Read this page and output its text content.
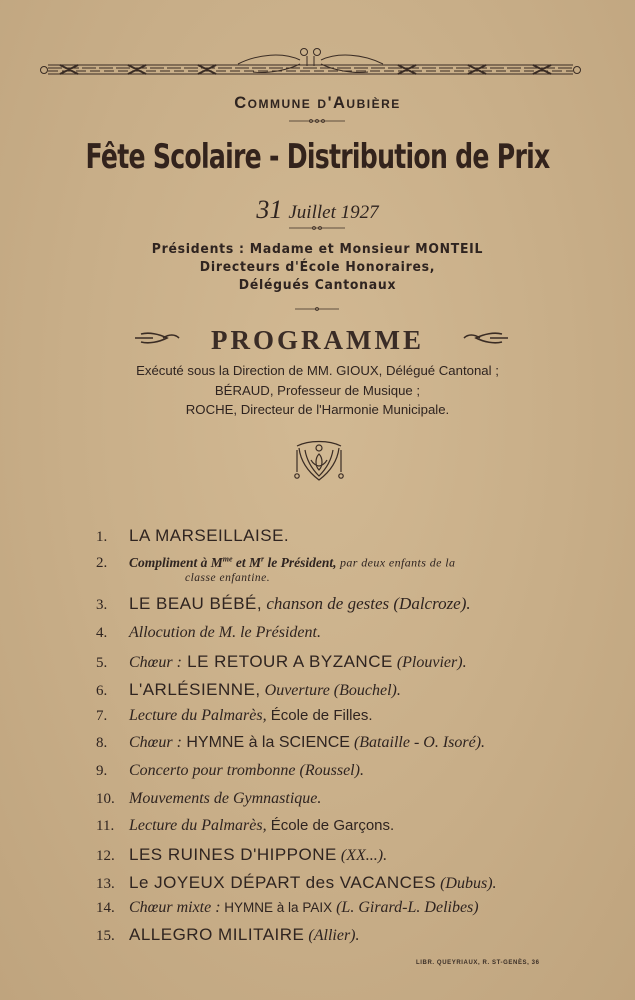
Commune d'Aubière
Fête Scolaire - Distribution de Prix
31 Juillet 1927
Présidents : Madame et Monsieur MONTEIL
Directeurs d'École Honoraires,
Délégués Cantonaux
PROGRAMME
Exécuté sous la Direction de MM. GIOUX, Délégué Cantonal ;
BÉRAUD, Professeur de Musique ;
ROCHE, Directeur de l'Harmonie Municipale.
1. LA MARSEILLAISE.
2. Compliment à $M^{me}$ et $M^r$ le Président, par deux enfants de la
classe enfantine.
3. LE BEAU BÉBÉ, chanson de gestes (Dalcroze).
4. Allocution de M. le Président.
5. Chœur : LE RETOUR A BYZANCE (Plouvier).
6. L'ARLÉSIENNE, Ouverture (Bouchel).
7. Lecture du Palmarès, École de Filles.
8. Chœur : HYMNE à la SCIENCE (Bataille - O. Isoré).
9. Concerto pour trombonne (Roussel).
10. Mouvements de Gymnastique.
11. Lecture du Palmarès, École de Garçons.
12. LES RUINES D'HIPPONE (XX...).
13. Le JOYEUX DÉPART des VACANCES (Dubus).
14. Chœur mixte : HYMNE à la PAIX (L. Girard-L. Delibes)
15. ALLEGRO MILITAIRE (Allier).
LIBR. QUEYRIAUX, R. ST-GENÈS, 36
